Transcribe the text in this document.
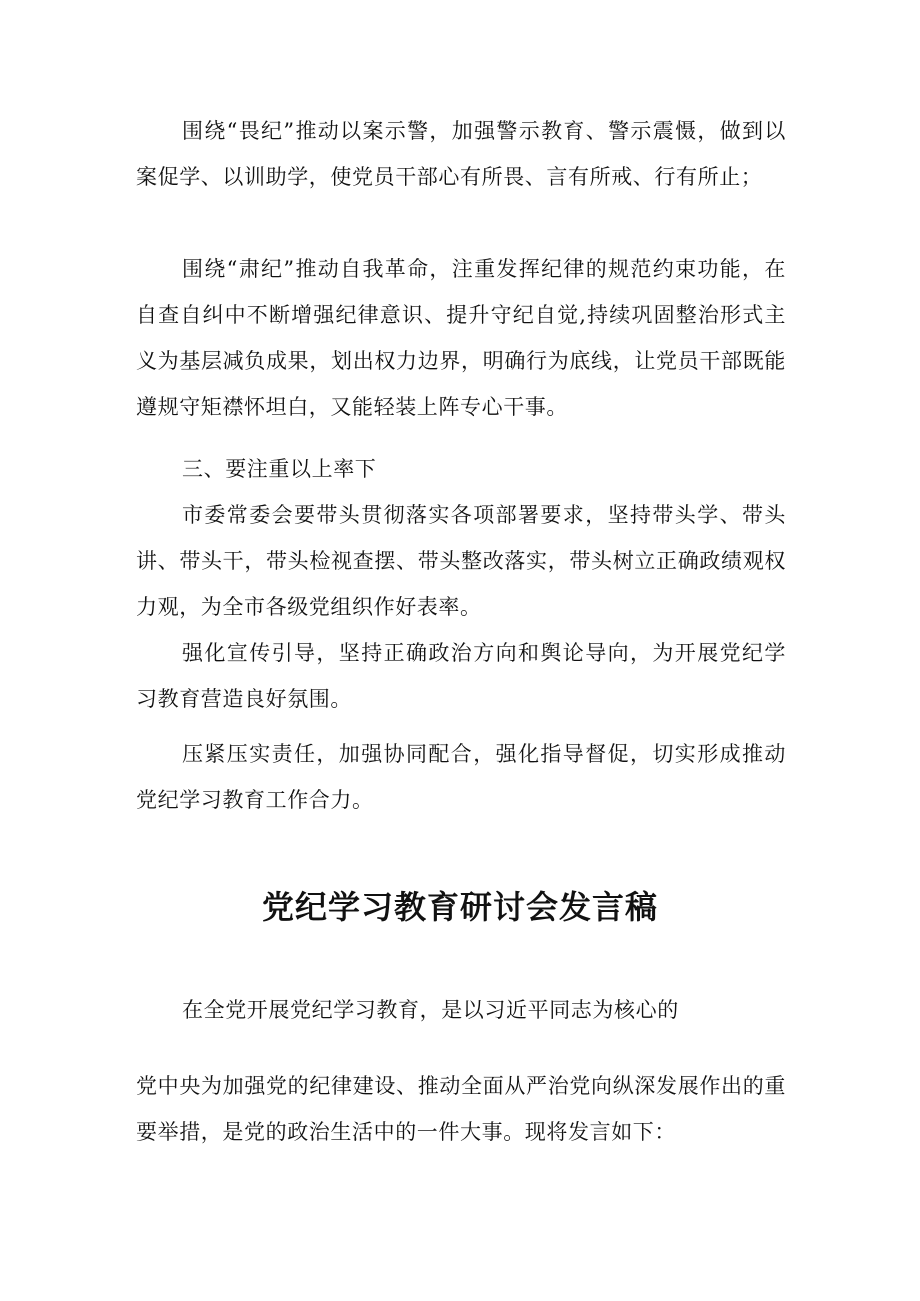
围绕“畏纪”推动以案示警，加强警示教育、警示震慑，做到以案促学、以训助学，使党员干部心有所畏、言有所戒、行有所止；

围绕“肃纪”推动自我革命，注重发挥纪律的规范约束功能，在自查自纠中不断增强纪律意识、提升守纪自觉,持续巩固整治形式主义为基层减负成果，划出权力边界，明确行为底线，让党员干部既能遵规守矩襟怀坦白，又能轻装上阵专心干事。

三、要注重以上率下

市委常委会要带头贯彻落实各项部署要求，坚持带头学、带头讲、带头干，带头检视查摆、带头整改落实，带头树立正确政绩观权力观，为全市各级党组织作好表率。

强化宣传引导，坚持正确政治方向和舆论导向，为开展党纪学习教育营造良好氛围。

压紧压实责任，加强协同配合，强化指导督促，切实形成推动党纪学习教育工作合力。

党纪学习教育研讨会发言稿

在全党开展党纪学习教育，是以习近平同志为核心的

党中央为加强党的纪律建设、推动全面从严治党向纵深发展作出的重要举措，是党的政治生活中的一件大事。现将发言如下：
